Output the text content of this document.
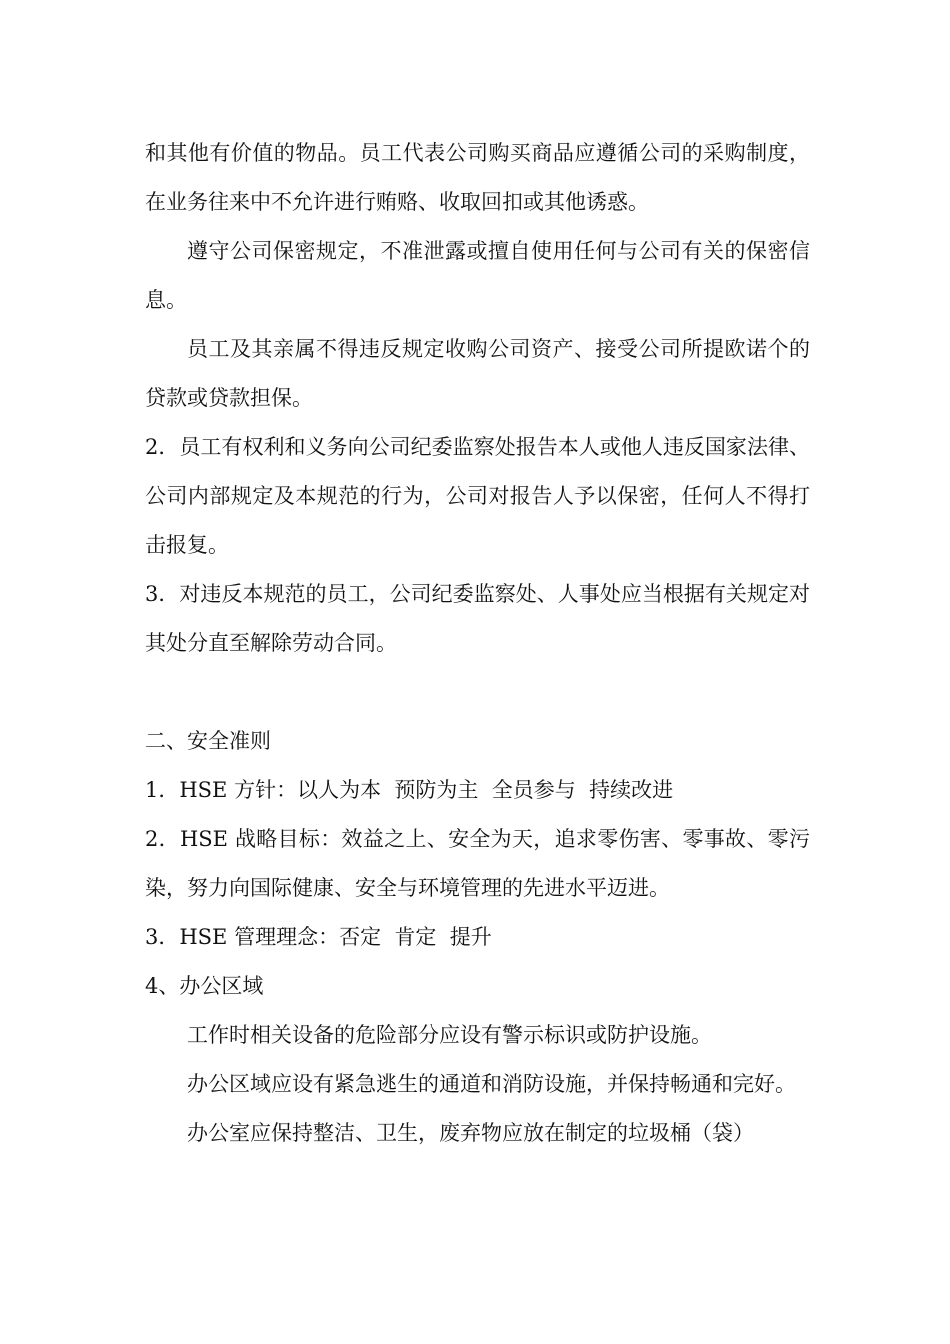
和其他有价值的物品。员工代表公司购买商品应遵循公司的采购制度，在业务往来中不允许进行贿赂、收取回扣或其他诱惑。

遵守公司保密规定，不准泄露或擅自使用任何与公司有关的保密信息。

员工及其亲属不得违反规定收购公司资产、接受公司所提欧诺个的贷款或贷款担保。

2．员工有权利和义务向公司纪委监察处报告本人或他人违反国家法律、公司内部规定及本规范的行为，公司对报告人予以保密，任何人不得打击报复。

3．对违反本规范的员工，公司纪委监察处、人事处应当根据有关规定对其处分直至解除劳动合同。

二、安全准则

1．HSE 方针：以人为本  预防为主  全员参与  持续改进

2．HSE 战略目标：效益之上、安全为天，追求零伤害、零事故、零污染，努力向国际健康、安全与环境管理的先进水平迈进。

3．HSE 管理理念：否定  肯定  提升

4、办公区域

工作时相关设备的危险部分应设有警示标识或防护设施。

办公区域应设有紧急逃生的通道和消防设施，并保持畅通和完好。

办公室应保持整洁、卫生，废弃物应放在制定的垃圾桶（袋）
